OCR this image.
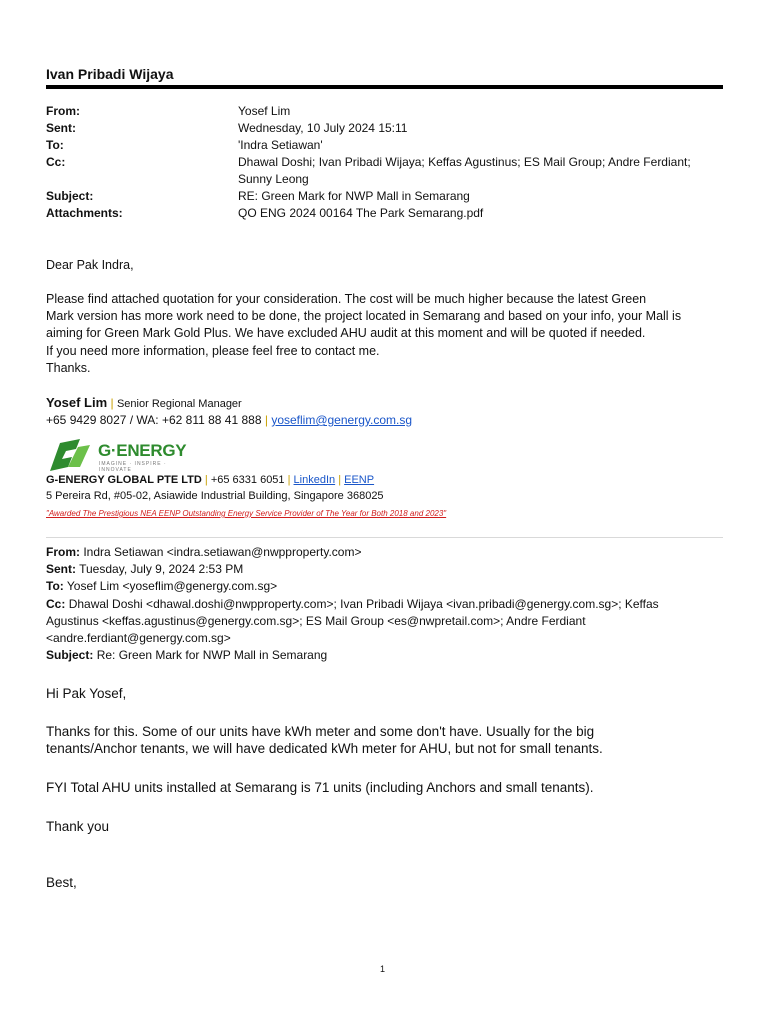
Ivan Pribadi Wijaya
From:	Yosef Lim
Sent:	Wednesday, 10 July 2024 15:11
To:	'Indra Setiawan'
Cc:	Dhawal Doshi; Ivan Pribadi Wijaya; Keffas Agustinus; ES Mail Group; Andre Ferdiant;
Sunny Leong
Subject:	RE: Green Mark for NWP Mall in Semarang
Attachments:	QO ENG 2024 00164 The Park Semarang.pdf
Dear Pak Indra,
Please find attached quotation for your consideration. The cost will be much higher because the latest Green
Mark version has more work need to be done, the project located in Semarang and based on your info, your Mall is
aiming for Green Mark Gold Plus. We have excluded AHU audit at this moment and will be quoted if needed.
If you need more information, please feel free to contact me.
Thanks.
Yosef Lim | Senior Regional Manager
+65 9429 8027 / WA: +62 811 88 41 888 | yoseflim@genergy.com.sg
G·ENERGY
IMAGINE · INSPIRE · INNOVATE
G-ENERGY GLOBAL PTE LTD | +65 6331 6051 | LinkedIn | EENP
5 Pereira Rd, #05-02, Asiawide Industrial Building, Singapore 368025
"Awarded The Prestigious NEA EENP Outstanding Energy Service Provider of The Year for Both 2018 and 2023"
From: Indra Setiawan <indra.setiawan@nwpproperty.com>
Sent: Tuesday, July 9, 2024 2:53 PM
To: Yosef Lim <yoseflim@genergy.com.sg>
Cc: Dhawal Doshi <dhawal.doshi@nwpproperty.com>; Ivan Pribadi Wijaya <ivan.pribadi@genergy.com.sg>; Keffas
Agustinus <keffas.agustinus@genergy.com.sg>; ES Mail Group <es@nwpretail.com>; Andre Ferdiant
<andre.ferdiant@genergy.com.sg>
Subject: Re: Green Mark for NWP Mall in Semarang
Hi Pak Yosef,
Thanks for this. Some of our units have kWh meter and some don't have. Usually for the big
tenants/Anchor tenants, we will have dedicated kWh meter for AHU, but not for small tenants.
FYI Total AHU units installed at Semarang is 71 units (including Anchors and small tenants).
Thank you
Best,
1
